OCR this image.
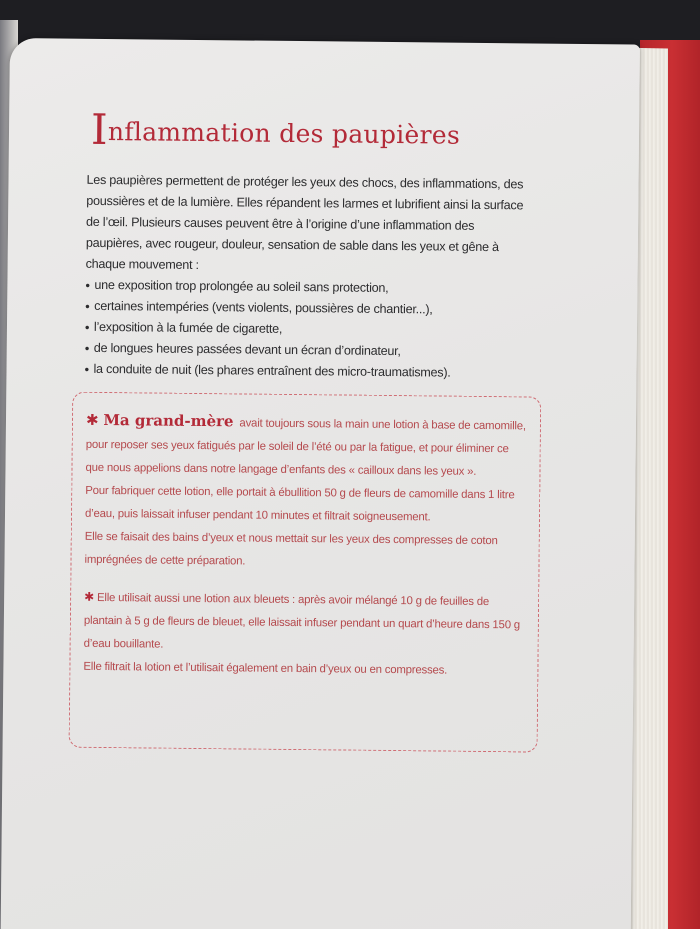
Inflammation des paupières

Les paupières permettent de protéger les yeux des chocs, des inflammations, des poussières et de la lumière. Elles répandent les larmes et lubrifient ainsi la surface de l’œil. Plusieurs causes peuvent être à l’origine d’une inflammation des paupières, avec rougeur, douleur, sensation de sable dans les yeux et gêne à chaque mouvement :

• une exposition trop prolongée au soleil sans protection,
• certaines intempéries (vents violents, poussières de chantier...),
• l’exposition à la fumée de cigarette,
• de longues heures passées devant un écran d’ordinateur,
• la conduite de nuit (les phares entraînent des micro-traumatismes).

✱ Ma grand-mère avait toujours sous la main une lotion à base de camomille, pour reposer ses yeux fatigués par le soleil de l’été ou par la fatigue, et pour éliminer ce que nous appelions dans notre langage d’enfants des « cailloux dans les yeux ».

Pour fabriquer cette lotion, elle portait à ébullition 50 g de fleurs de camomille dans 1 litre d’eau, puis laissait infuser pendant 10 minutes et filtrait soigneusement.

Elle se faisait des bains d’yeux et nous mettait sur les yeux des compresses de coton imprégnées de cette préparation.

✱ Elle utilisait aussi une lotion aux bleuets : après avoir mélangé 10 g de feuilles de plantain à 5 g de fleurs de bleuet, elle laissait infuser pendant un quart d’heure dans 150 g d’eau bouillante.

Elle filtrait la lotion et l’utilisait également en bain d’yeux ou en compresses.
